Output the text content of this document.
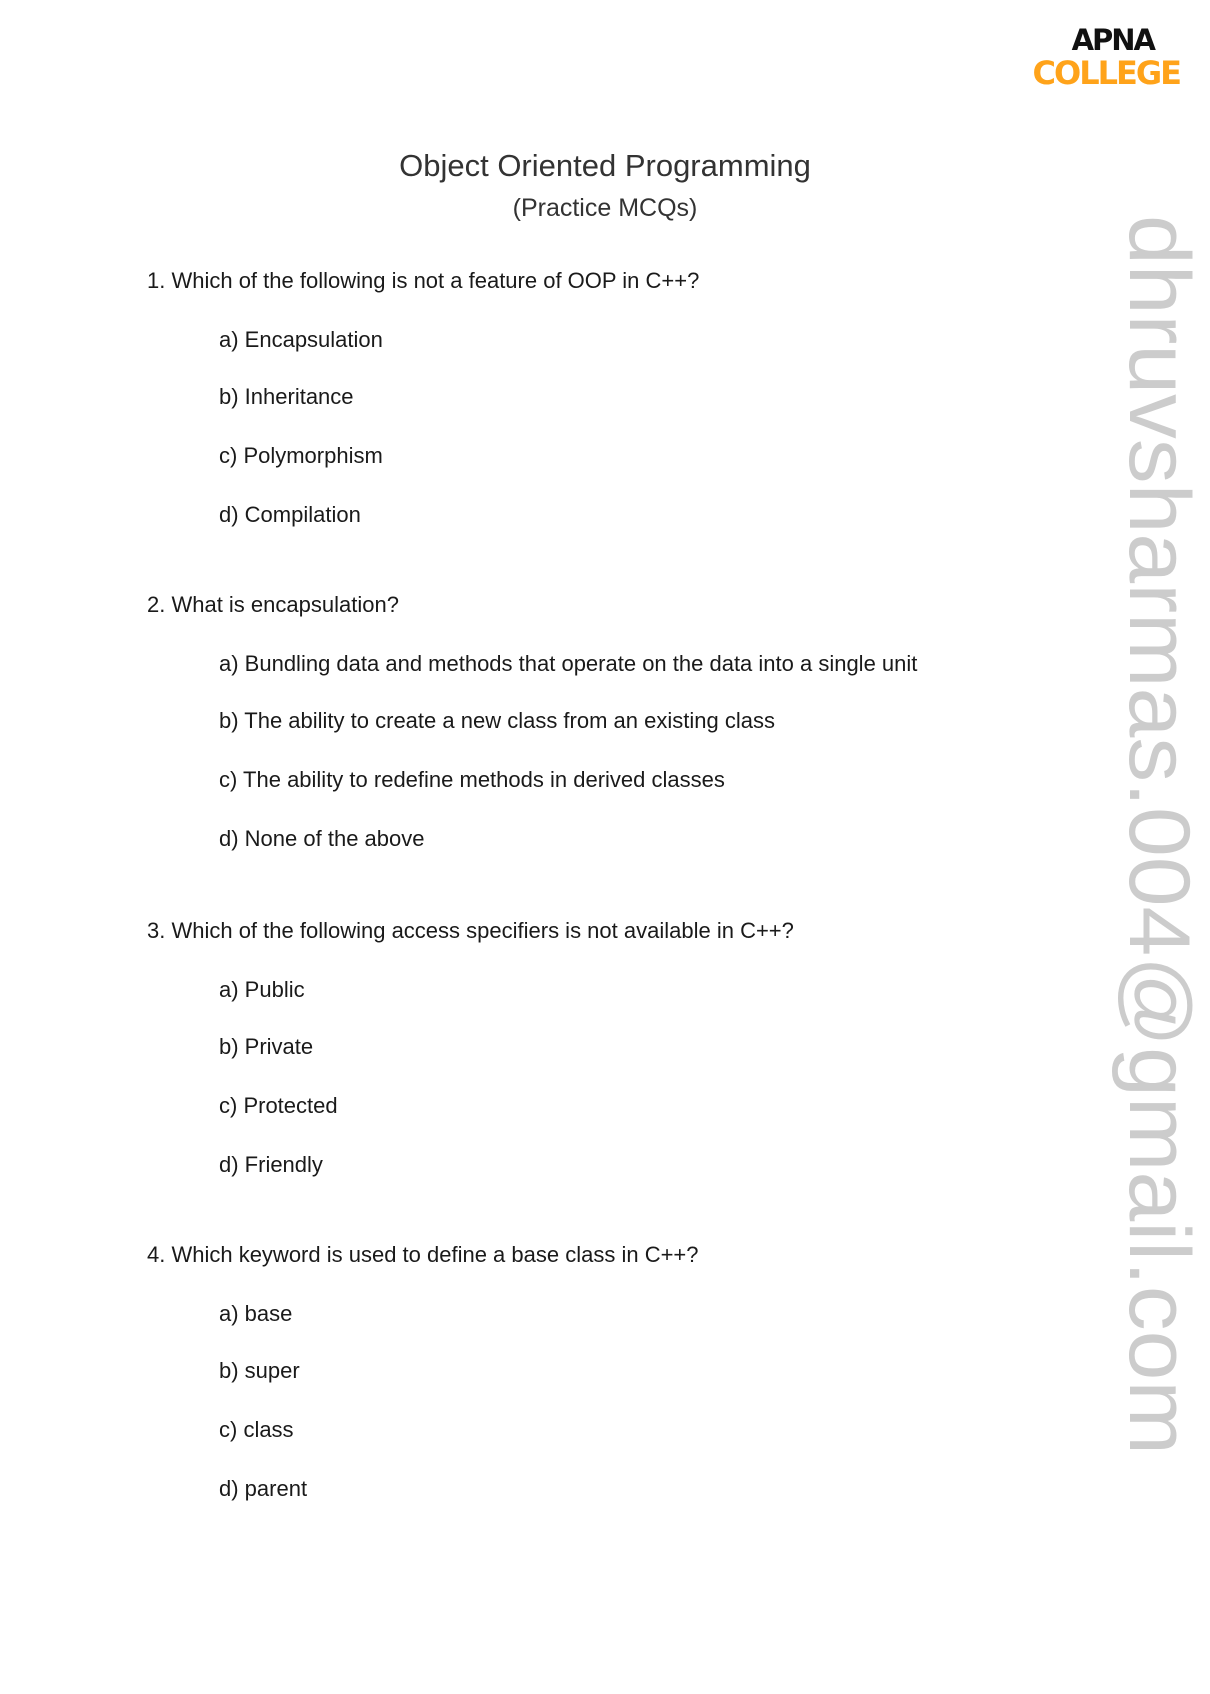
APNA
COLLEGE
Object Oriented Programming
(Practice MCQs)
1. Which of the following is not a feature of OOP in C++?
a) Encapsulation
b) Inheritance
c) Polymorphism
d) Compilation
2. What is encapsulation?
a) Bundling data and methods that operate on the data into a single unit
b) The ability to create a new class from an existing class
c) The ability to redefine methods in derived classes
d) None of the above
3. Which of the following access specifiers is not available in C++?
a) Public
b) Private
c) Protected
d) Friendly
4. Which keyword is used to define a base class in C++?
a) base
b) super
c) class
d) parent
dhruvsharmas.004@gmail.com
